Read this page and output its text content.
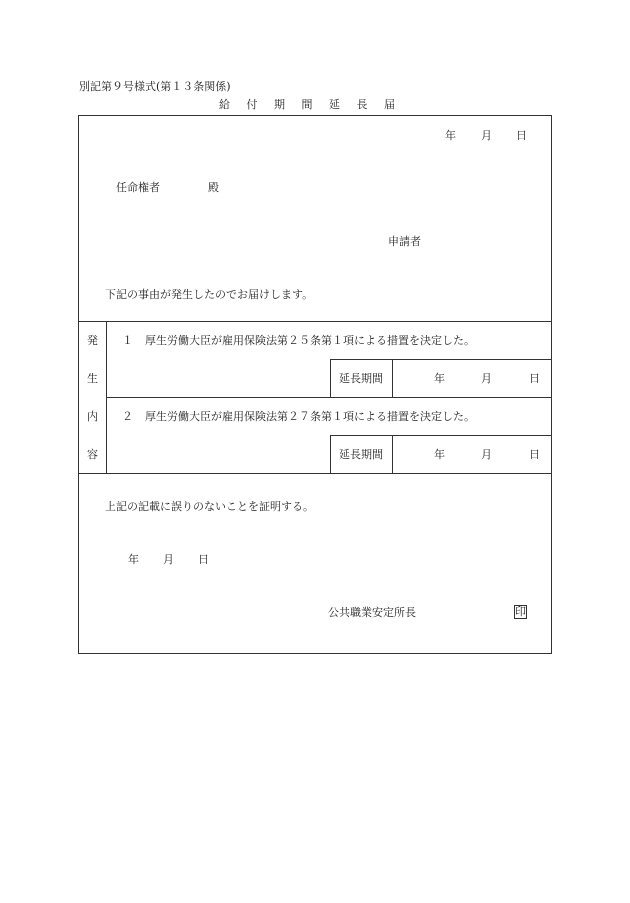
別記第９号様式(第１３条関係)
給付期間延長届
年 月 日
任命権者	殿
申請者
下記の事由が発生したのでお届けします。
発
生
内
容
１ 厚生労働大臣が雇用保険法第２５条第１項による措置を決定した。
延長期間	年	月	日
２ 厚生労働大臣が雇用保険法第２７条第１項による措置を決定した。
延長期間	年	月	日
上記の記載に誤りのないことを証明する。
年 月 日
公共職業安定所長	印
